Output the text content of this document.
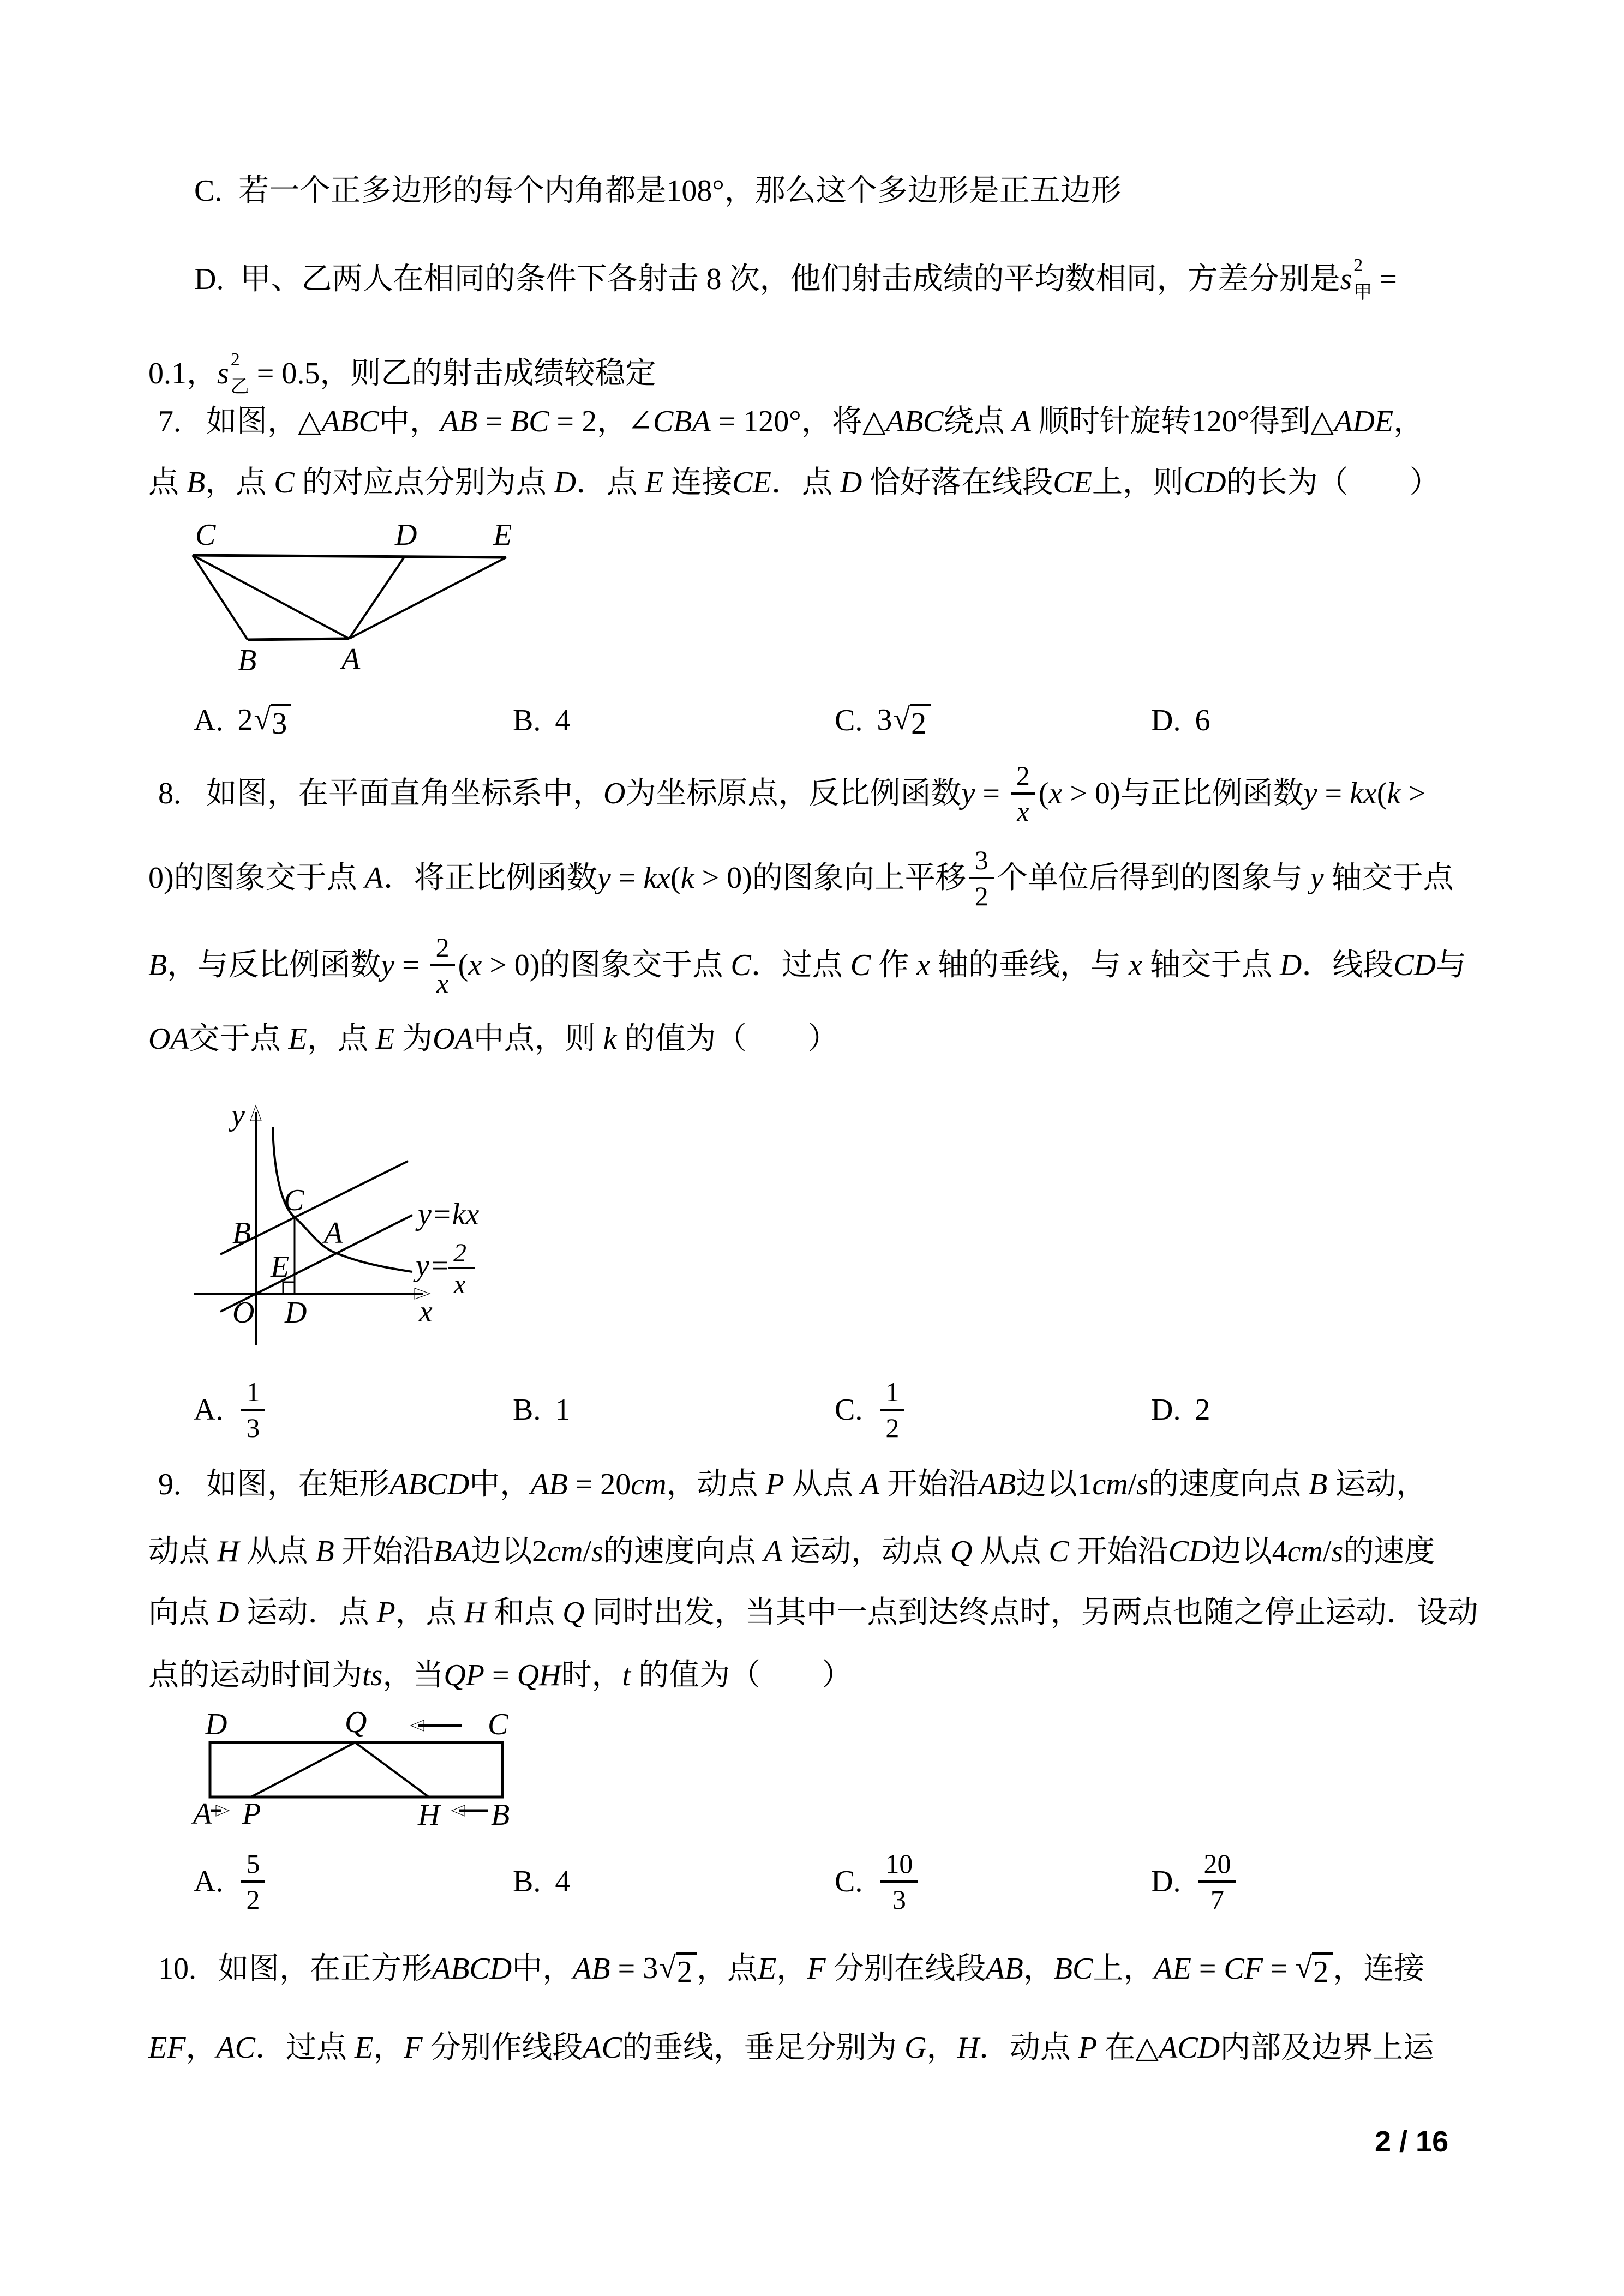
C. 若一个正多边形的每个内角都是 108° ，那么这个多边形是正五边形
D. 甲、乙两人在相同的条件下各射击 8 次，他们射击成绩的平均数相同，方差分别是 s 2
甲 =
0.1 ， s 2
乙 = 0.5 ，则乙的射击成绩较稳定
7. 如图，△ ABC 中， AB = BC = 2 ，∠ CBA = 120° ，将△ ABC 绕点 A 顺时针旋转 120° 得到△ ADE ，
点 B ，点 C 的对应点分别为点 D ．点 E 连接 CE ．点 D 恰好落在线段 CE 上，则 CD 的长为（　　）
C	D E
B	A
A. 2 √ 3	B. 4	C. 3 √ 2	D. 6
8. 如图，在平面直角坐标系中， O 为坐标原点，反比例函数 $y = \frac{2}{x}$ ( x > 0) 与正比例函数 y = kx ( k >
0) 的图象交于点 A ．将正比例函数 y = kx ( k > 0) 的图象向上平移 $\frac{3}{2}$ 个单位后得到的图象与 y 轴交于点
B ，与反比例函数 $y = \frac{2}{x}$ ( x > 0) 的图象交于点 C ．过点 C 作 x 轴的垂线，与 x 轴交于点 D ．线段 CD 与
OA 交于点 E ，点 E 为 OA 中点，则 k 的值为（　　）
y
x
O
B
C
A
E
D
y=kx
y= 2
x
A. $\frac{1}{3}$	B. 1	C. $\frac{1}{2}$	D. 2
9. 如图，在矩形 ABCD 中， AB = 20 cm ，动点 P 从点 A 开始沿 AB 边以 1 cm / s 的速度向点 B 运动，
动点 H 从点 B 开始沿 BA 边以 2 cm / s 的速度向点 A 运动，动点 Q 从点 C 开始沿 CD 边以 4 cm / s 的速度
向点 D 运动．点 P ，点 H 和点 Q 同时出发，当其中一点到达终点时，另两点也随之停止运动．设动
点的运动时间为 ts ，当 QP = QH 时， t 的值为（　　）
D	Q	C
A P	H B
A. $\frac{5}{2}$	B. 4	C. $\frac{10}{3}$	D. $\frac{20}{7}$
10. 如图，在正方形 ABCD 中， AB = 3 √ 2 ，点 E ， F 分别在线段 AB ， BC 上， AE = CF = √ 2 ，连接
EF ， AC ．过点 E ， F 分别作线段 AC 的垂线，垂足分别为 G ， H ．动点 P 在△ ACD 内部及边界上运
2 / 16
